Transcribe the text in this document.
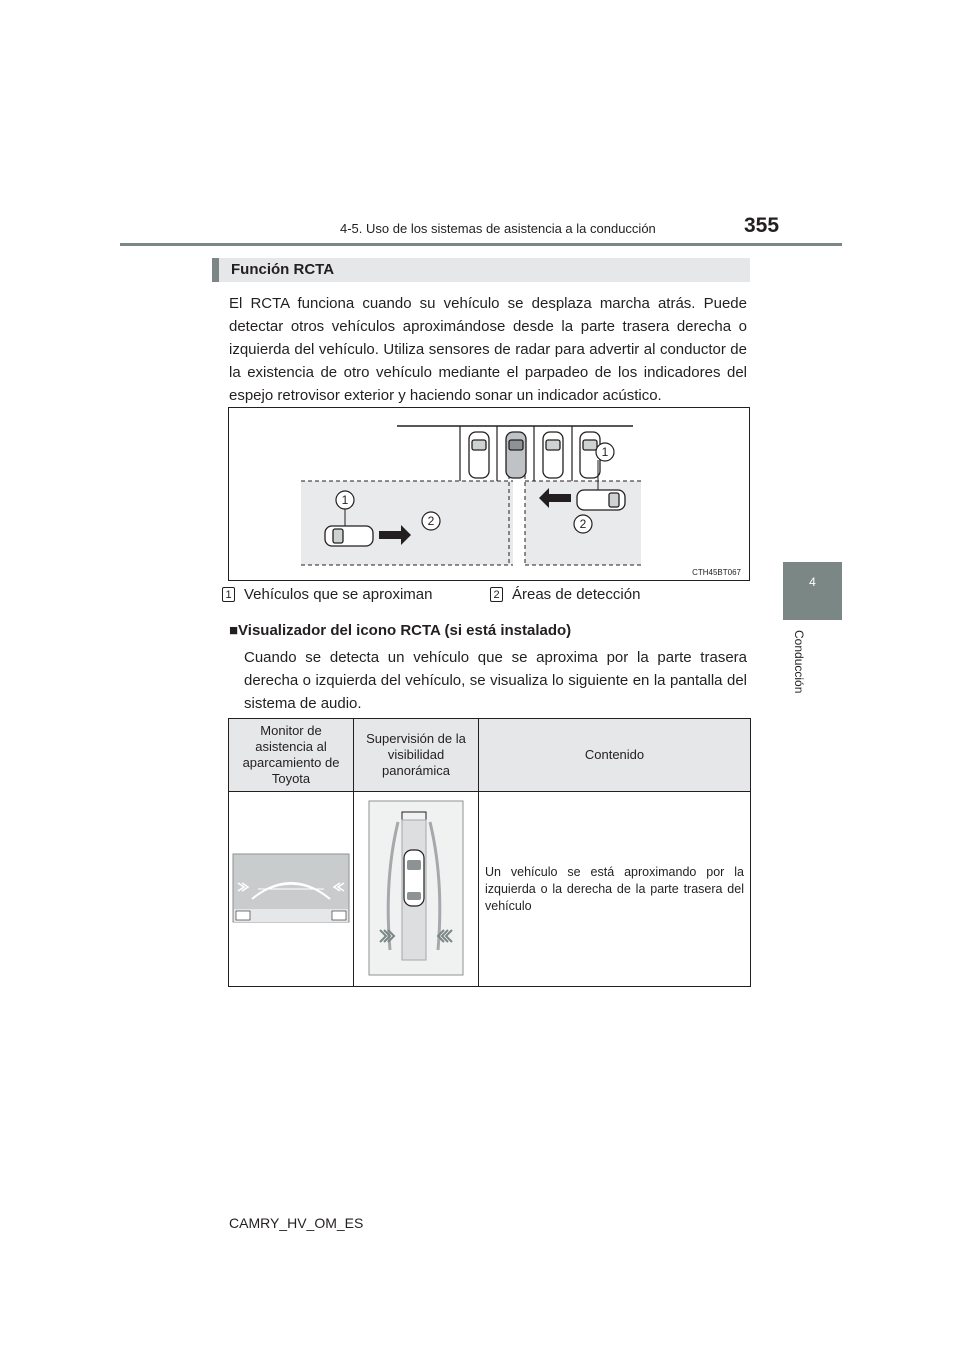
4-5. Uso de los sistemas de asistencia a la conducción	355
4
Conducción
Función RCTA

El RCTA funciona cuando su vehículo se desplaza marcha atrás. Puede detectar otros vehículos aproximándose desde la parte trasera derecha o izquierda del vehículo. Utiliza sensores de radar para advertir al conductor de la existencia de otro vehículo mediante el parpadeo de los indicadores del espejo retrovisor exterior y haciendo sonar un indicador acústico.

1
1
2	2
CTH45BT067
1 Vehículos que se aproximan	2 Áreas de detección
■Visualizador del icono RCTA (si está instalado)

Cuando se detecta un vehículo que se aproxima por la parte trasera derecha o izquierda del vehículo, se visualiza lo siguiente en la pantalla del sistema de audio.

Monitor de asistencia al aparcamiento de Toyota	Supervisión de la visibilidad panorámica	Contenido
		Un vehículo se está aproximando por la izquierda o la derecha de la parte trasera del vehículo
CAMRY_HV_OM_ES
